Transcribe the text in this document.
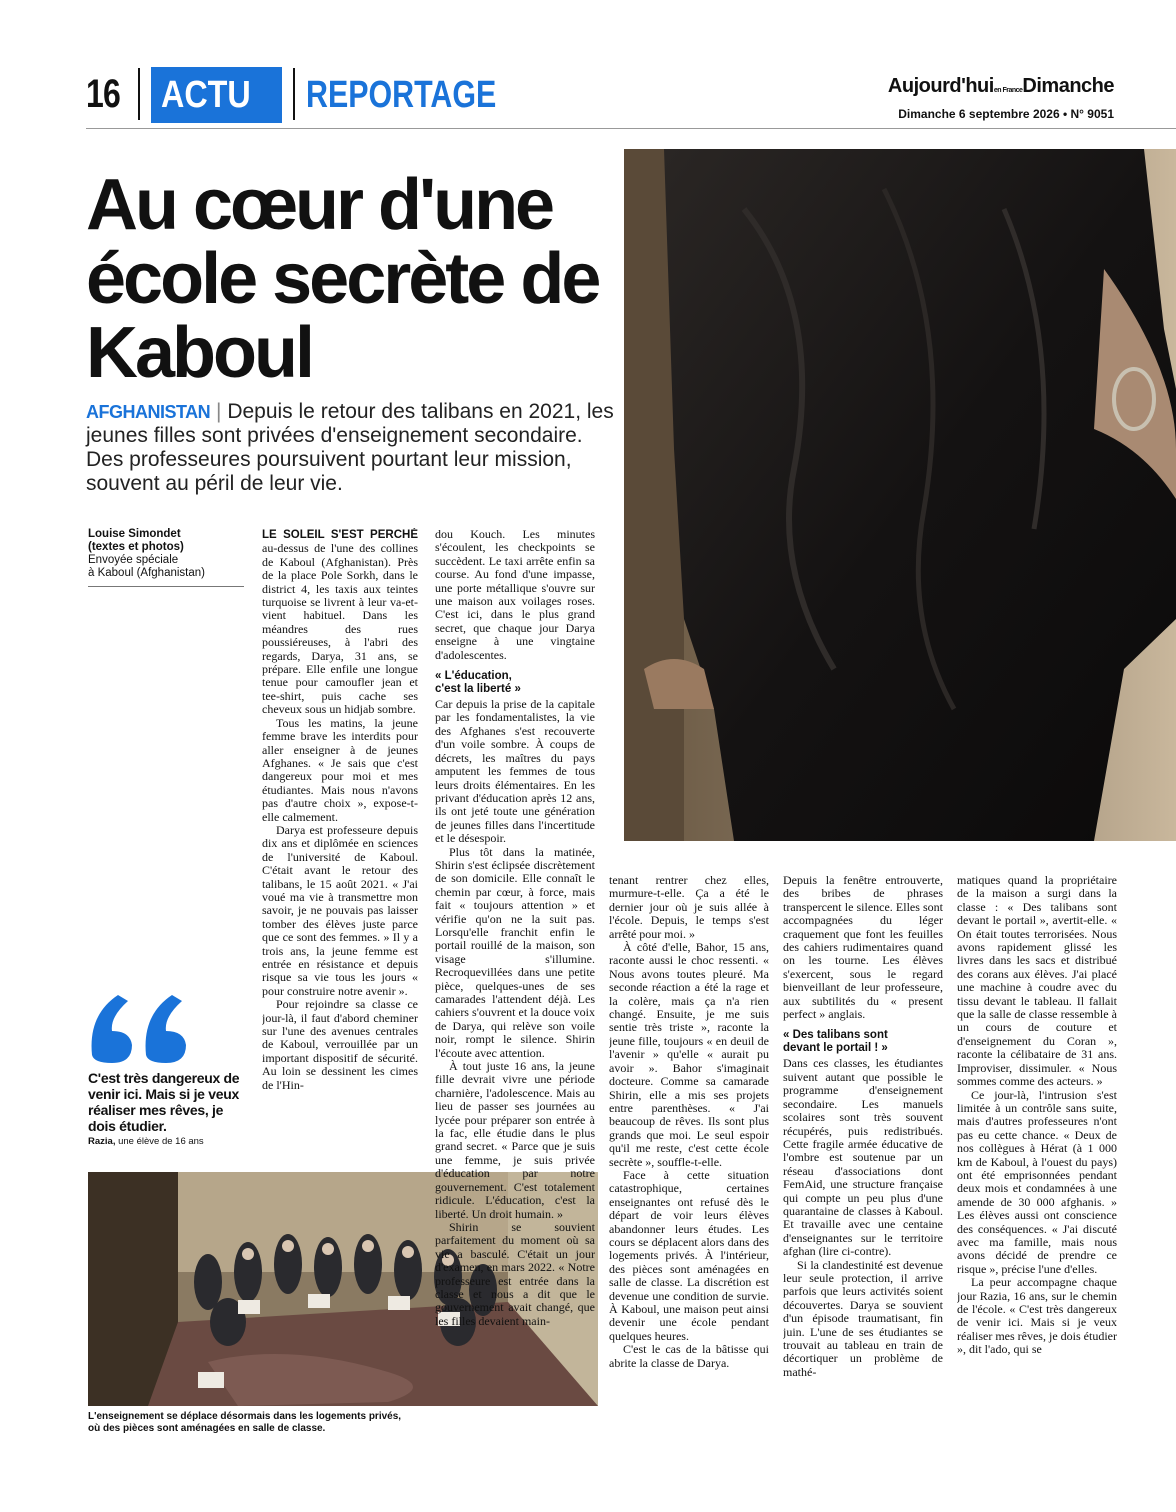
16 ACTU	REPORTAGE	Aujourd'huien FranceDimanche
Dimanche 6 septembre 2026 • N° 9051
Au cœur d'une école secrète de Kaboul
AFGHANISTAN | Depuis le retour des talibans en 2021, les jeunes filles sont privées d'enseignement secondaire. Des professeures poursuivent pourtant leur mission, souvent au péril de leur vie.
Louise Simondet
(textes et photos)
Envoyée spéciale
à Kaboul (Afghanistan)
C'est très dangereux de venir ici. Mais si je veux réaliser mes rêves, je dois étudier.
Razia, une élève de 16 ans
L'enseignement se déplace désormais dans les logements privés, où des pièces sont aménagées en salle de classe.

LE SOLEIL S'EST PERCHÉ au-dessus de l'une des collines de Kaboul (Afghanistan). Près de la place Pole Sorkh, dans le district 4, les taxis aux teintes turquoise se livrent à leur va-et-vient habituel. Dans les méandres des rues poussiéreuses, à l'abri des regards, Darya, 31 ans, se prépare. Elle enfile une longue tenue pour camoufler jean et tee-shirt, puis cache ses cheveux sous un hidjab sombre.

Tous les matins, la jeune femme brave les interdits pour aller enseigner à de jeunes Afghanes. « Je sais que c'est dangereux pour moi et mes étudiantes. Mais nous n'avons pas d'autre choix », expose-t-elle calmement.

Darya est professeure depuis dix ans et diplômée en sciences de l'université de Kaboul. C'était avant le retour des talibans, le 15 août 2021. « J'ai voué ma vie à transmettre mon savoir, je ne pouvais pas laisser tomber des élèves juste parce que ce sont des femmes. » Il y a trois ans, la jeune femme est entrée en résistance et depuis risque sa vie tous les jours « pour construire notre avenir ».

Pour rejoindre sa classe ce jour-là, il faut d'abord cheminer sur l'une des avenues centrales de Kaboul, verrouillée par un important dispositif de sécurité. Au loin se dessinent les cimes de l'Hin-

dou Kouch. Les minutes s'écoulent, les checkpoints se succèdent. Le taxi arrête enfin sa course. Au fond d'une impasse, une porte métallique s'ouvre sur une maison aux voilages roses. C'est ici, dans le plus grand secret, que chaque jour Darya enseigne à une vingtaine d'adolescentes.

« L'éducation,
c'est la liberté »

Car depuis la prise de la capitale par les fondamentalistes, la vie des Afghanes s'est recouverte d'un voile sombre. À coups de décrets, les maîtres du pays amputent les femmes de tous leurs droits élémentaires. En les privant d'éducation après 12 ans, ils ont jeté toute une génération de jeunes filles dans l'incertitude et le désespoir.

Plus tôt dans la matinée, Shirin s'est éclipsée discrètement de son domicile. Elle connaît le chemin par cœur, à force, mais fait « toujours attention » et vérifie qu'on ne la suit pas. Lorsqu'elle franchit enfin le portail rouillé de la maison, son visage s'illumine. Recroquevillées dans une petite pièce, quelques-unes de ses camarades l'attendent déjà. Les cahiers s'ouvrent et la douce voix de Darya, qui relève son voile noir, rompt le silence. Shirin l'écoute avec attention.

À tout juste 16 ans, la jeune fille devrait vivre une période charnière, l'adolescence. Mais au lieu de passer ses journées au lycée pour préparer son entrée à la fac, elle étudie dans le plus grand secret. « Parce que je suis une femme, je suis privée d'éducation par notre gouvernement. C'est totalement ridicule. L'éducation, c'est la liberté. Un droit humain. »

Shirin se souvient parfaitement du moment où sa vie a basculé. C'était un jour d'examen, en mars 2022. « Notre professeure est entrée dans la classe et nous a dit que le gouvernement avait changé, que les filles devaient main-

tenant rentrer chez elles, murmure-t-elle. Ça a été le dernier jour où je suis allée à l'école. Depuis, le temps s'est arrêté pour moi. »

À côté d'elle, Bahor, 15 ans, raconte aussi le choc ressenti. « Nous avons toutes pleuré. Ma seconde réaction a été la rage et la colère, mais ça n'a rien changé. Ensuite, je me suis sentie très triste », raconte la jeune fille, toujours « en deuil de l'avenir » qu'elle « aurait pu avoir ». Bahor s'imaginait docteure. Comme sa camarade Shirin, elle a mis ses projets entre parenthèses. « J'ai beaucoup de rêves. Ils sont plus grands que moi. Le seul espoir qu'il me reste, c'est cette école secrète », souffle-t-elle.

Face à cette situation catastrophique, certaines enseignantes ont refusé dès le départ de voir leurs élèves abandonner leurs études. Les cours se déplacent alors dans des logements privés. À l'intérieur, des pièces sont aménagées en salle de classe. La discrétion est devenue une condition de survie. À Kaboul, une maison peut ainsi devenir une école pendant quelques heures.

C'est le cas de la bâtisse qui abrite la classe de Darya.

Depuis la fenêtre entrouverte, des bribes de phrases transpercent le silence. Elles sont accompagnées du léger craquement que font les feuilles des cahiers rudimentaires quand on les tourne. Les élèves s'exercent, sous le regard bienveillant de leur professeure, aux subtilités du « present perfect » anglais.

« Des talibans sont
devant le portail ! »

Dans ces classes, les étudiantes suivent autant que possible le programme d'enseignement secondaire. Les manuels scolaires sont très souvent récupérés, puis redistribués. Cette fragile armée éducative de l'ombre est soutenue par un réseau d'associations dont FemAid, une structure française qui compte un peu plus d'une quarantaine de classes à Kaboul. Et travaille avec une centaine d'enseignantes sur le territoire afghan (lire ci-contre).

Si la clandestinité est devenue leur seule protection, il arrive parfois que leurs activités soient découvertes. Darya se souvient d'un épisode traumatisant, fin juin. L'une de ses étudiantes se trouvait au tableau en train de décortiquer un problème de mathé-

matiques quand la propriétaire de la maison a surgi dans la classe : « Des talibans sont devant le portail », avertit-elle. « On était toutes terrorisées. Nous avons rapidement glissé les livres dans les sacs et distribué des corans aux élèves. J'ai placé une machine à coudre avec du tissu devant le tableau. Il fallait que la salle de classe ressemble à un cours de couture et d'enseignement du Coran », raconte la célibataire de 31 ans. Improviser, dissimuler. « Nous sommes comme des acteurs. »

Ce jour-là, l'intrusion s'est limitée à un contrôle sans suite, mais d'autres professeures n'ont pas eu cette chance. « Deux de nos collègues à Hérat (à 1 000 km de Kaboul, à l'ouest du pays) ont été emprisonnées pendant deux mois et condamnées à une amende de 30 000 afghanis. » Les élèves aussi ont conscience des conséquences. « J'ai discuté avec ma famille, mais nous avons décidé de prendre ce risque », précise l'une d'elles.

La peur accompagne chaque jour Razia, 16 ans, sur le chemin de l'école. « C'est très dangereux de venir ici. Mais si je veux réaliser mes rêves, je dois étudier », dit l'ado, qui se
